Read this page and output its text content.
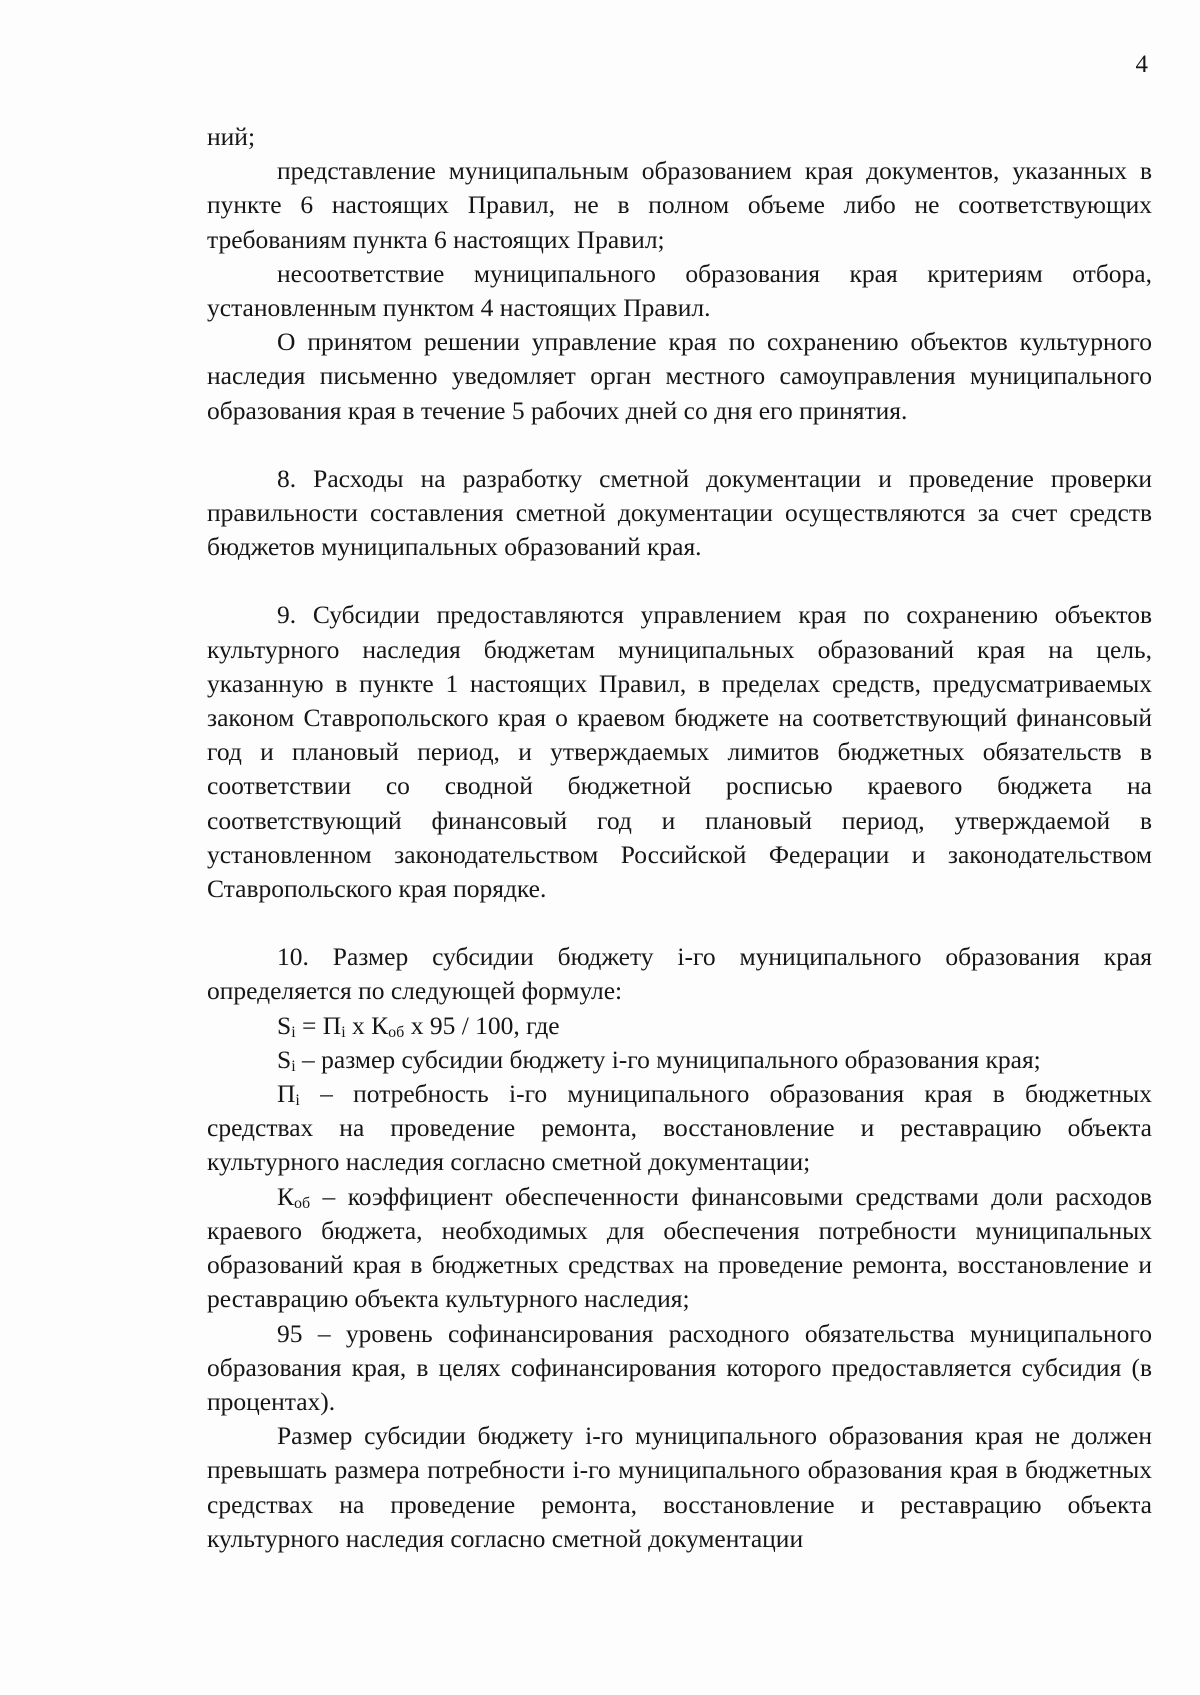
4

ний;

представление муниципальным образованием края документов, указанных в пункте 6 настоящих Правил, не в полном объеме либо не соответствующих требованиям пункта 6 настоящих Правил;

несоответствие муниципального образования края критериям отбора, установленным пунктом 4 настоящих Правил.

О принятом решении управление края по сохранению объектов культурного наследия письменно уведомляет орган местного самоуправления муниципального образования края в течение 5 рабочих дней со дня его принятия.

8. Расходы на разработку сметной документации и проведение проверки правильности составления сметной документации осуществляются за счет средств бюджетов муниципальных образований края.

9. Субсидии предоставляются управлением края по сохранению объектов культурного наследия бюджетам муниципальных образований края на цель, указанную в пункте 1 настоящих Правил, в пределах средств, предусматриваемых законом Ставропольского края о краевом бюджете на соответствующий финансовый год и плановый период, и утверждаемых лимитов бюджетных обязательств в соответствии со сводной бюджетной росписью краевого бюджета на соответствующий финансовый год и плановый период, утверждаемой в установленном законодательством Российской Федерации и законодательством Ставропольского края порядке.

10. Размер субсидии бюджету i-го муниципального образования края определяется по следующей формуле:

$S_i = П_i$ x $К_{об}$ x 95 / 100, где

$S_i$ – размер субсидии бюджету i-го муниципального образования края;

$П_i$ – потребность i-го муниципального образования края в бюджетных средствах на проведение ремонта, восстановление и реставрацию объекта культурного наследия согласно сметной документации;

$К_{об}$ – коэффициент обеспеченности финансовыми средствами доли расходов краевого бюджета, необходимых для обеспечения потребности муниципальных образований края в бюджетных средствах на проведение ремонта, восстановление и реставрацию объекта культурного наследия;

95 – уровень софинансирования расходного обязательства муниципального образования края, в целях софинансирования которого предоставляется субсидия (в процентах).

Размер субсидии бюджету i-го муниципального образования края не должен превышать размера потребности i-го муниципального образования края в бюджетных средствах на проведение ремонта, восстановление и реставрацию объекта культурного наследия согласно сметной документации
